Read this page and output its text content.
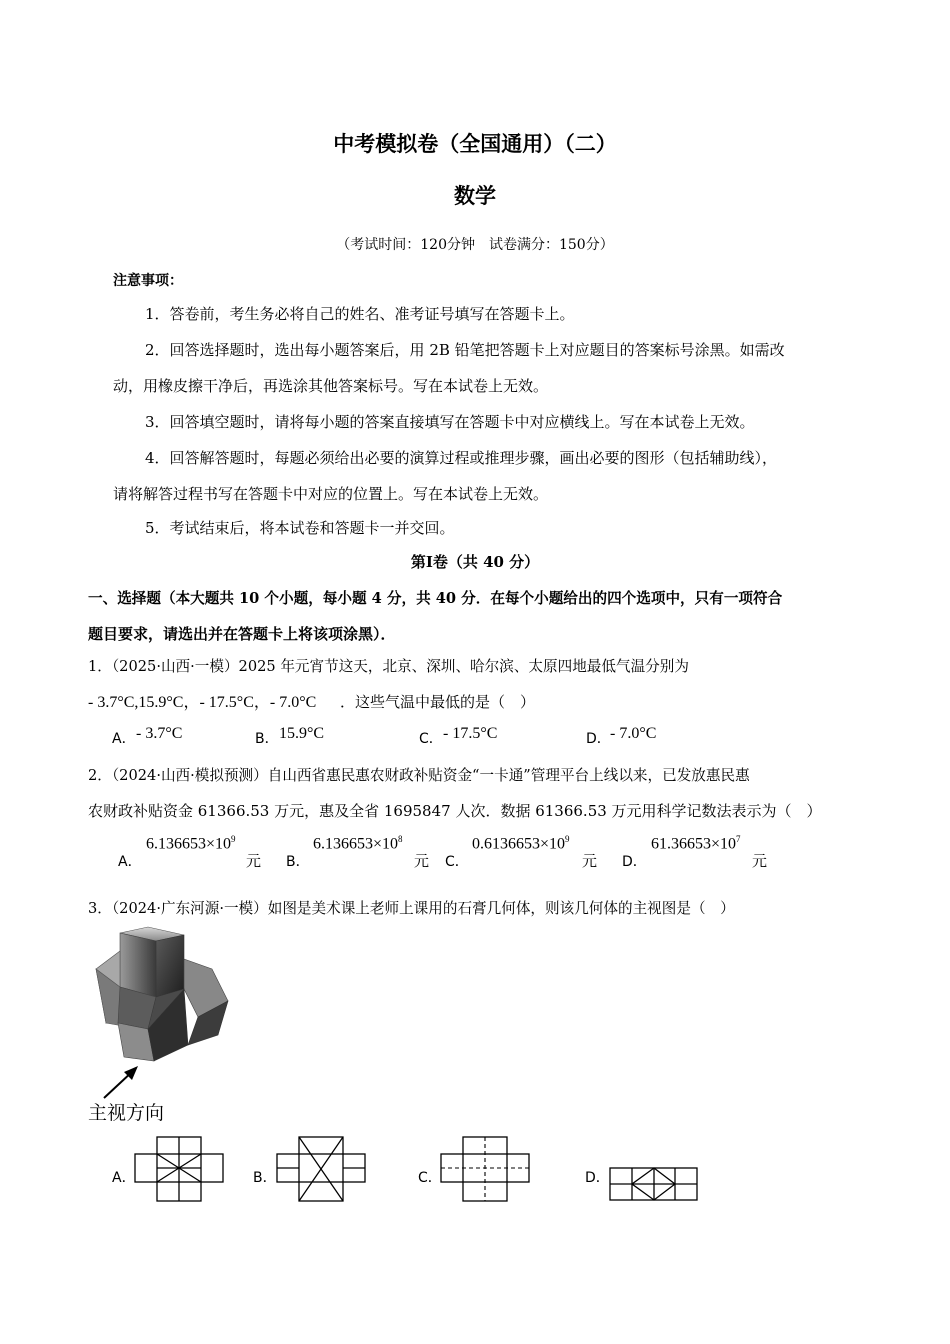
中考模拟卷（全国通用）（二）
数学
（考试时间：120分钟　试卷满分：150分）
注意事项：
1．答卷前，考生务必将自己的姓名、准考证号填写在答题卡上。
2．回答选择题时，选出每小题答案后，用 2B 铅笔把答题卡上对应题目的答案标号涂黑。如需改
动，用橡皮擦干净后，再选涂其他答案标号。写在本试卷上无效。
3．回答填空题时，请将每小题的答案直接填写在答题卡中对应横线上。写在本试卷上无效。
4．回答解答题时，每题必须给出必要的演算过程或推理步骤，画出必要的图形（包括辅助线），
请将解答过程书写在答题卡中对应的位置上。写在本试卷上无效。
5．考试结束后，将本试卷和答题卡一并交回。
第Ⅰ卷（共 40 分）
一、选择题（本大题共 10 个小题，每小题 4 分，共 40 分．在每个小题给出的四个选项中，只有一项符合
题目要求，请选出并在答题卡上将该项涂黑）．
1．（2025·山西·一模）2025 年元宵节这天，北京、深圳、哈尔滨、太原四地最低气温分别为
- 3.7°C,15.9°C，- 17.5°C，- 7.0°C ．这些气温中最低的是（　）
A． - 3.7°C	B． 15.9°C	C． - 17.5°C	D． - 7.0°C
2．（2024·山西·模拟预测）自山西省惠民惠农财政补贴资金“一卡通”管理平台上线以来，已发放惠民惠
农财政补贴资金 61366.53 万元，惠及全省 1695847 人次．数据 61366.53 万元用科学记数法表示为（　）
A．
$6.136653\times 10^9$
元 B．
$6.136653\times 10^8$
元 C．
$0.6136653\times 10^9$
元 D．
$61.36653\times 10^7$
元
3．（2024·广东河源·一模）如图是美术课上老师上课用的石膏几何体，则该几何体的主视图是（　）
主视方向
A．	B．	C．	D．
